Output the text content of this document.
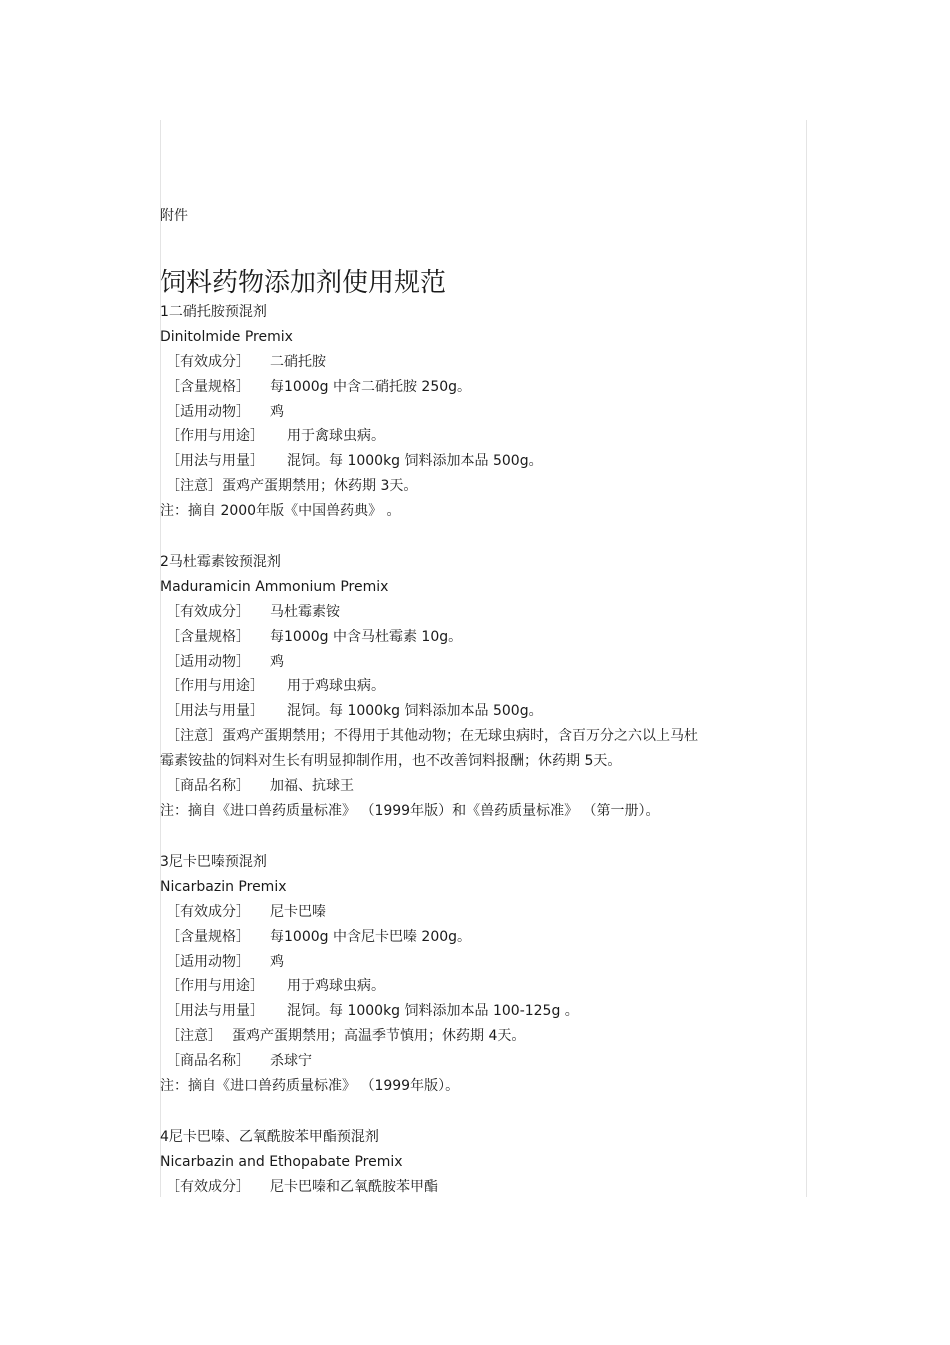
附件
饲料药物添加剂使用规范
1二硝托胺预混剂
Dinitolmide Premix
［有效成分］ 二硝托胺
［含量规格］ 每1000g 中含二硝托胺 250g。
［适用动物］ 鸡
［作用与用途］ 用于禽球虫病。
［用法与用量］ 混饲。每 1000kg 饲料添加本品 500g。
［注意］蛋鸡产蛋期禁用；休药期 3天。
注：摘自 2000年版《中国兽药典》 。
2马杜霉素铵预混剂
Maduramicin Ammonium Premix
［有效成分］ 马杜霉素铵
［含量规格］ 每1000g 中含马杜霉素 10g。
［适用动物］ 鸡
［作用与用途］ 用于鸡球虫病。
［用法与用量］ 混饲。每 1000kg 饲料添加本品 500g。
［注意］蛋鸡产蛋期禁用；不得用于其他动物；在无球虫病时，含百万分之六以上马杜
霉素铵盐的饲料对生长有明显抑制作用，也不改善饲料报酬；休药期 5天。
［商品名称］ 加福、抗球王
注：摘自《进口兽药质量标准》 （1999年版）和《兽药质量标准》 （第一册）。
3尼卡巴嗪预混剂
Nicarbazin Premix
［有效成分］ 尼卡巴嗪
［含量规格］ 每1000g 中含尼卡巴嗪 200g。
［适用动物］ 鸡
［作用与用途］ 用于鸡球虫病。
［用法与用量］ 混饲。每 1000kg 饲料添加本品 100-125g 。
［注意］ 蛋鸡产蛋期禁用；高温季节慎用；休药期 4天。
［商品名称］ 杀球宁
注：摘自《进口兽药质量标准》 （1999年版）。
4尼卡巴嗪、乙氧酰胺苯甲酯预混剂
Nicarbazin and Ethopabate Premix
［有效成分］ 尼卡巴嗪和乙氧酰胺苯甲酯
